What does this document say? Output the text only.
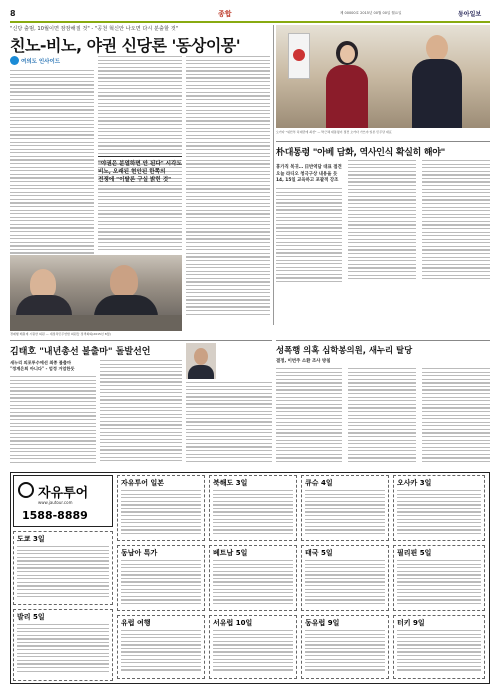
8	종합	제 00000호 2015년 00월 00일 월요일	동아일보
"신당 출범, 10월이면 잠잠해질 것" - "공천 혁신안 나오면 다시 분출할 것"
친노-비노, 야권 신당론 '동상이몽'
여의도 인사이드
"야권은 분열하면 안 된다" 시각도
비노, 오래된 현안된 한쪽의
전쟁에 "이탈론 구실 밝힌 것"
경제행 배원재 시원한 의원 — 새정치민주연합 의원들 정책회의(2015년 8월)
오카다 "위안부 히대민에 최선" — 박근혜 대통령이 접견 오카다 가쓰야 일본 민주당 대표
朴대통령 "아베 담화, 역사인식 확실히 해야"
휴가직 복귀… 日반역담 대표 접견
오늘 라디오 청극구상 내용을 듯
14, 15일 교육하고 포괄적 강조
김태호 "내년총선 불출마" 돌발선언
새누리 의포투수에선 최종 불출마
"정계은퇴 아니다" - 엄정 거엄한듯
성폭행 의혹 심학봉의원, 새누리 탈당
결정, 이번주 소환 조사 방침
자유투어
www.jautour.com
1588-8889
자유투어 일본	북해도 3일	큐슈 4일	오사카 3일
동남아 특가	베트남 5일	태국 5일	필리핀 5일
유럽 여행	서유럽 10일	동유럽 9일	터키 9일
도쿄 3일
발리 5일
